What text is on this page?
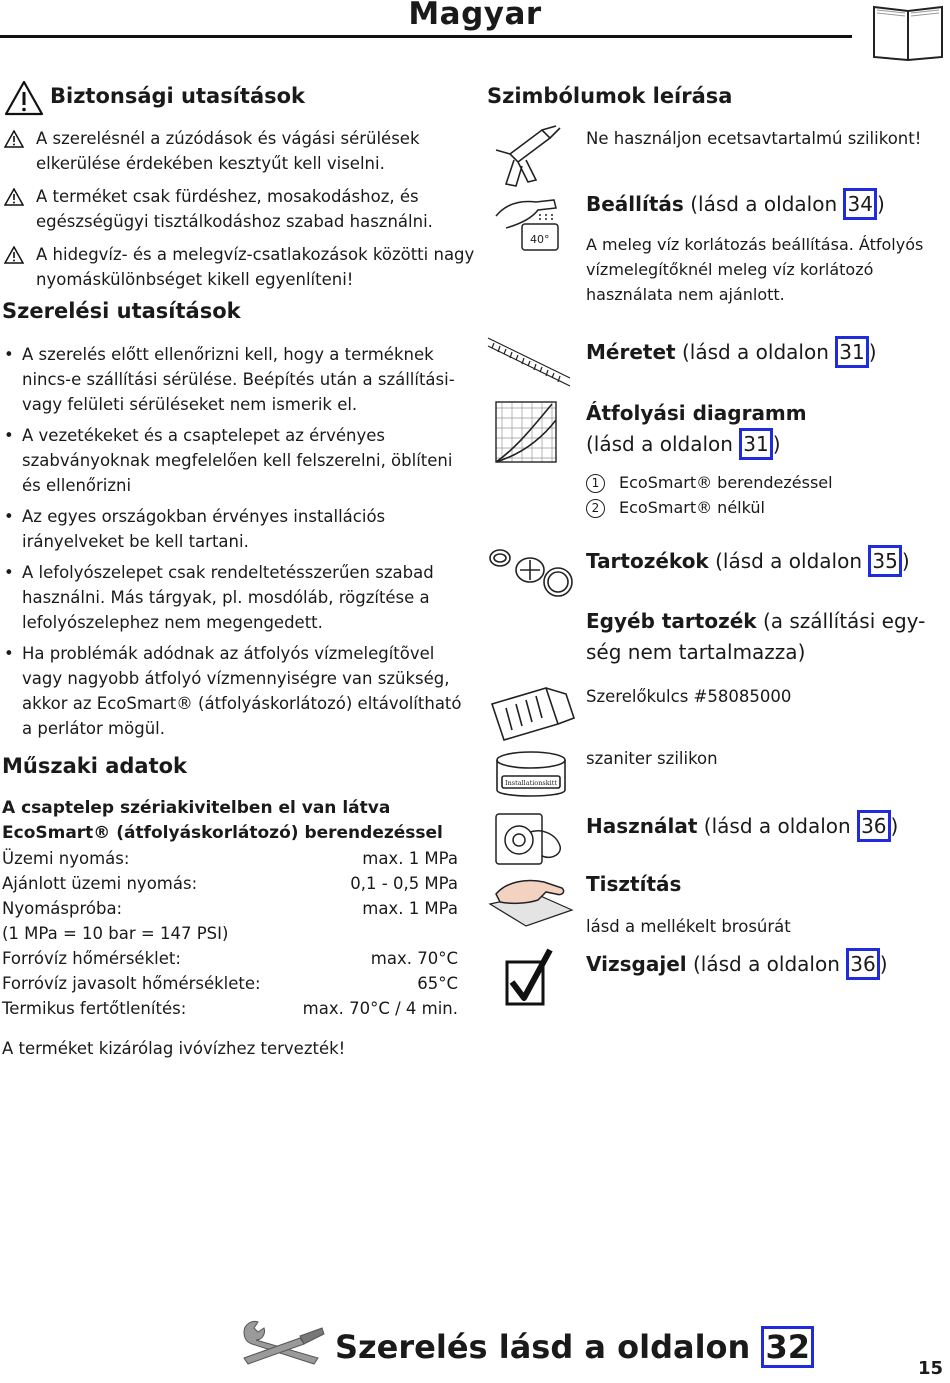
Magyar
Biztonsági utasítások
A szerelésnél a zúzódások és vágási sérülések elkerülése érdekében kesztyűt kell viselni.
A terméket csak fürdéshez, mosakodáshoz, és egészségügyi tisztálkodáshoz szabad használni.
A hidegvíz- és a melegvíz-csatlakozások közötti nagy nyomáskülönbséget kikell egyenlíteni!
Szerelési utasítások
• A szerelés előtt ellenőrizni kell, hogy a terméknek nincs-e szállítási sérülése. Beépítés után a szállítási- vagy felületi sérüléseket nem ismerik el.
• A vezetékeket és a csaptelepet az érvényes szabványoknak megfelelően kell felszerelni, öblíteni és ellenőrizni
• Az egyes országokban érvényes installációs irányelveket be kell tartani.
• A lefolyószelepet csak rendeltetésszerűen szabad használni. Más tárgyak, pl. mosdóláb, rögzítése a lefolyószelephez nem megengedett.
• Ha problémák adódnak az átfolyós vízmelegítõvel vagy nagyobb átfolyó vízmennyiségre van szükség, akkor az EcoSmart® (átfolyáskorlátozó) eltávolítható a perlátor mögül.
Műszaki adatok
A csaptelep szériakivitelben el van látva
EcoSmart® (átfolyáskorlátozó) berendezéssel
Üzemi nyomás:	max. 1 MPa
Ajánlott üzemi nyomás:	0,1 - 0,5 MPa
Nyomáspróba:	max. 1 MPa
(1 MPa = 10 bar = 147 PSI)
Forróvíz hőmérséklet:	max. 70°C
Forróvíz javasolt hőmérséklete:	65°C
Termikus fertőtlenítés:	max. 70°C / 4 min.
A terméket kizárólag ivóvízhez tervezték!
Szimbólumok leírása
Ne használjon ecetsavtartalmú szilikont!
40°
Beállítás (lásd a oldalon 34 )
A meleg víz korlátozás beállítása. Átfolyós vízmelegítőknél meleg víz korlátozó használata nem ajánlott.
Méretet (lásd a oldalon 31 )
Átfolyási diagramm
(lásd a oldalon 31 )
1 EcoSmart® berendezéssel
2 EcoSmart® nélkül
Tartozékok (lásd a oldalon 35 )
Egyéb tartozék (a szállítási egy-
ség nem tartalmazza)
Szerelőkulcs #58085000
Installationskitt
szaniter szilikon
Használat (lásd a oldalon 36 )
Tisztítás
lásd a mellékelt brosúrát
Vizsgajel (lásd a oldalon 36 )
Szerelés lásd a oldalon 32
15
